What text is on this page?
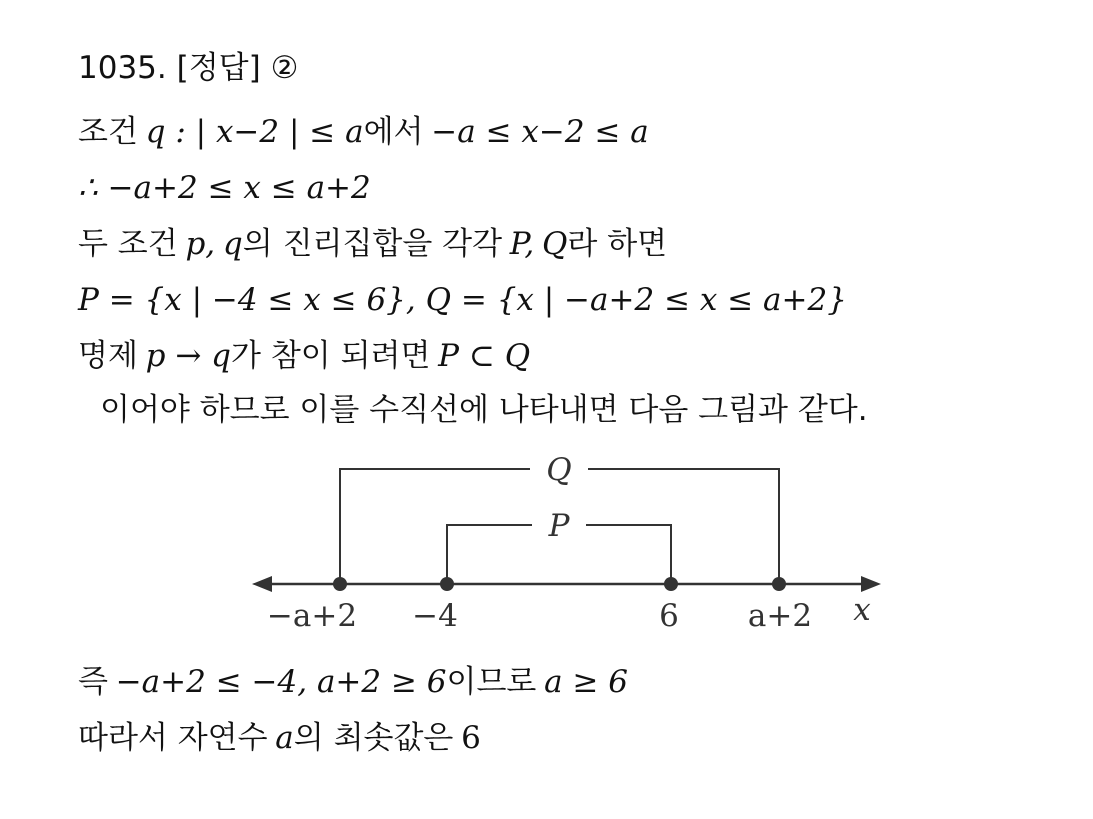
1035. [정답] ②
조건 q : | x−2 | ≤ a에서 −a ≤ x−2 ≤ a
∴ −a+2 ≤ x ≤ a+2
두 조건 p, q의 진리집합을 각각 P, Q라 하면
P = {x | −4 ≤ x ≤ 6}, Q = {x | −a+2 ≤ x ≤ a+2}
명제 p → q가 참이 되려면 P ⊂ Q
이어야 하므로 이를 수직선에 나타내면 다음 그림과 같다.
Q
P
−a+2 −4	6 a+2 x
즉 −a+2 ≤ −4, a+2 ≥ 6이므로 a ≥ 6
따라서 자연수 a의 최솟값은 6
